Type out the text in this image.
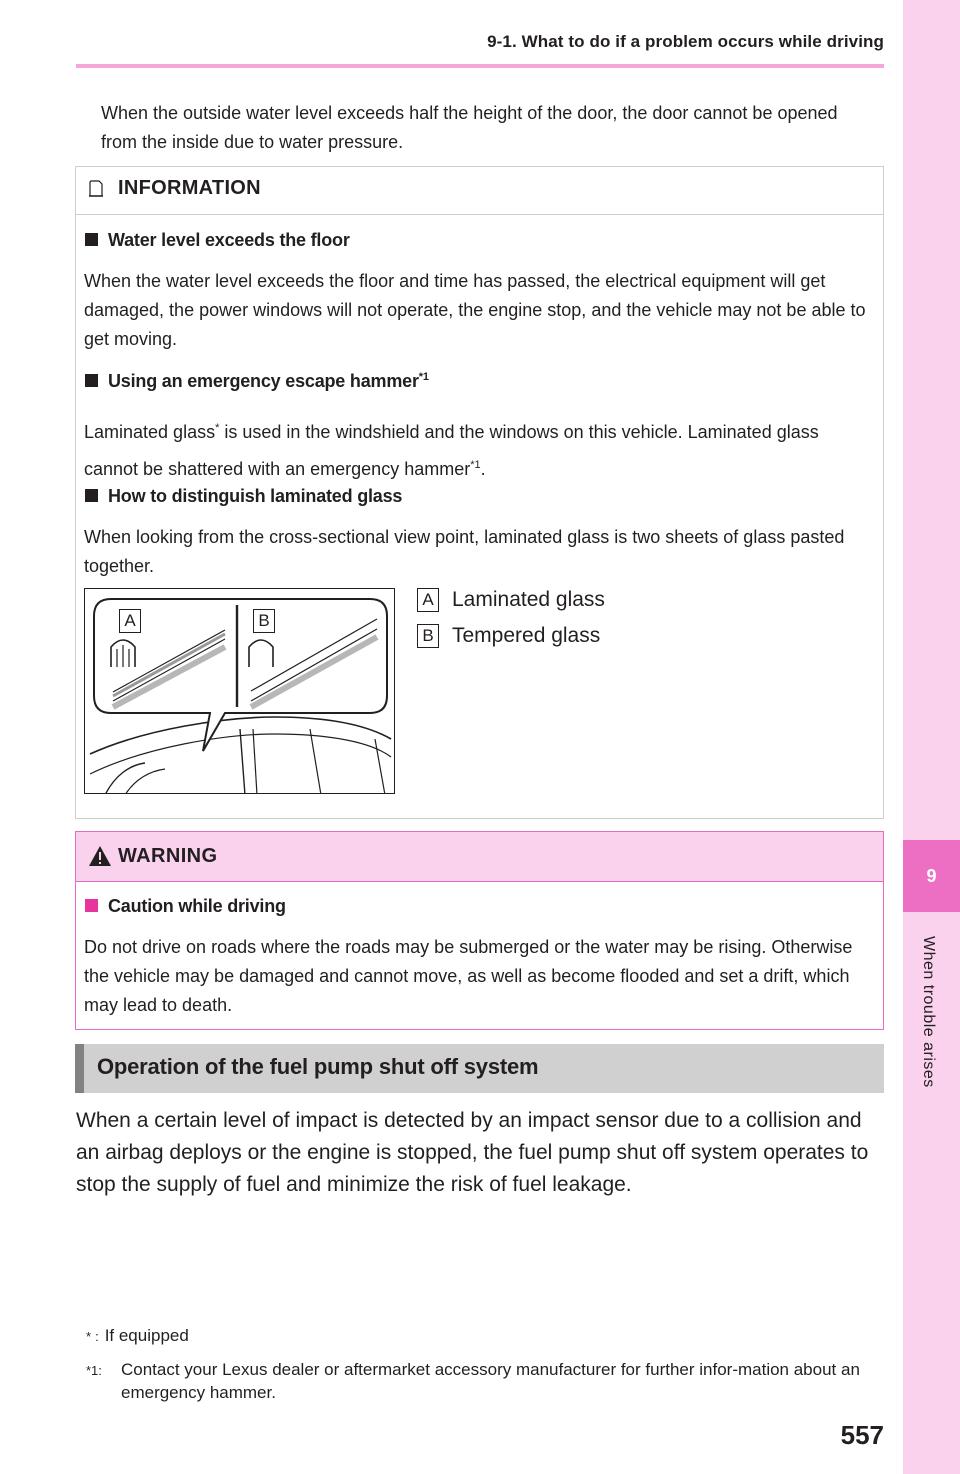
9-1. What to do if a problem occurs while driving
9
When trouble arises

When the outside water level exceeds half the height of the door, the door cannot be opened from the inside due to water pressure.

INFORMATION
Water level exceeds the floor

When the water level exceeds the floor and time has passed, the electrical equipment will get damaged, the power windows will not operate, the engine stop, and the vehicle may not be able to get moving.

Using an emergency escape hammer$^{*1}$

Laminated glass* is used in the windshield and the windows on this vehicle. Laminated glass cannot be shattered with an emergency hammer$^{*1}$.

How to distinguish laminated glass

When looking from the cross-sectional view point, laminated glass is two sheets of glass pasted together.

A	B
A Laminated glass
B Tempered glass
WARNING
Caution while driving

Do not drive on roads where the roads may be submerged or the water may be rising. Otherwise the vehicle may be damaged and cannot move, as well as become flooded and set a drift, which may lead to death.

Operation of the fuel pump shut off system

When a certain level of impact is detected by an impact sensor due to a collision and an airbag deploys or the engine is stopped, the fuel pump shut off system operates to stop the supply of fuel and minimize the risk of fuel leakage.

* : If equipped
*1:	Contact your Lexus dealer or aftermarket accessory manufacturer for further infor-mation about an emergency hammer.

557
